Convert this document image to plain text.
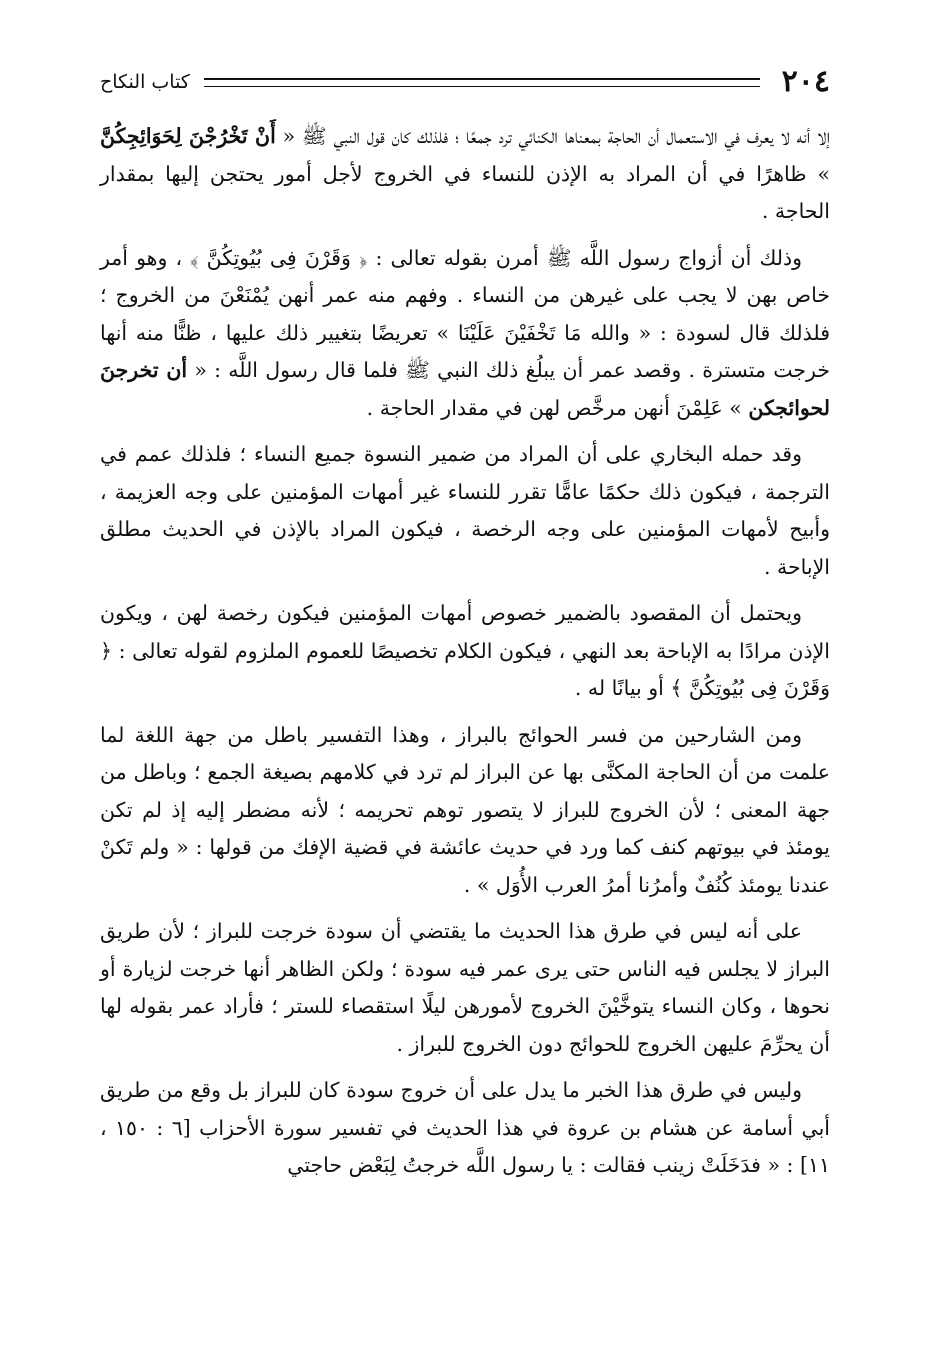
٢٠٤
كتاب النكاح

إلا أنه لا يعرف في الاستعمال أن الحاجة بمعناها الكنائي ترد جمعًا ؛ فلذلك كان قول النبي ﷺ « أَنْ تَخْرُجْنَ لِحَوَائِجِكُنَّ » ظاهرًا في أن المراد به الإذن للنساء في الخروج لأجل أمور يحتجن إليها بمقدار الحاجة .

وذلك أن أزواج رسول اللَّه ﷺ أمرن بقوله تعالى : ﴿ وَقَرْنَ فِى بُيُوتِكُنَّ ﴾ ، وهو أمر خاص بهن لا يجب على غيرهن من النساء . وفهم منه عمر أنهن يُمْنَعْنَ من الخروج ؛ فلذلك قال لسودة : « والله مَا تَخْفَيْنَ عَلَيْنَا » تعريضًا بتغيير ذلك عليها ، ظنًّا منه أنها خرجت متسترة . وقصد عمر أن يبلُغ ذلك النبي ﷺ فلما قال رسول اللَّه : « أن تخرجنَ لحوائجكن » عَلِمْنَ أنهن مرخَّص لهن في مقدار الحاجة .

وقد حمله البخاري على أن المراد من ضمير النسوة جميع النساء ؛ فلذلك عمم في الترجمة ، فيكون ذلك حكمًا عامًّا تقرر للنساء غير أمهات المؤمنين على وجه العزيمة ، وأبيح لأمهات المؤمنين على وجه الرخصة ، فيكون المراد بالإذن في الحديث مطلق الإباحة .

ويحتمل أن المقصود بالضمير خصوص أمهات المؤمنين فيكون رخصة لهن ، ويكون الإذن مرادًا به الإباحة بعد النهي ، فيكون الكلام تخصيصًا للعموم الملزوم لقوله تعالى : ﴿ وَقَرْنَ فِى بُيُوتِكُنَّ ﴾ أو بيانًا له .

ومن الشارحين من فسر الحوائج بالبراز ، وهذا التفسير باطل من جهة اللغة لما علمت من أن الحاجة المكنَّى بها عن البراز لم ترد في كلامهم بصيغة الجمع ؛ وباطل من جهة المعنى ؛ لأن الخروج للبراز لا يتصور توهم تحريمه ؛ لأنه مضطر إليه إذ لم تكن يومئذ في بيوتهم كنف كما ورد في حديث عائشة في قضية الإفك من قولها : « ولم تَكنْ عندنا يومئذ كُنُفٌ وأمرُنا أمرُ العرب الأُوَل » .

على أنه ليس في طرق هذا الحديث ما يقتضي أن سودة خرجت للبراز ؛ لأن طريق البراز لا يجلس فيه الناس حتى يرى عمر فيه سودة ؛ ولكن الظاهر أنها خرجت لزيارة أو نحوها ، وكان النساء يتوخَّيْنَ الخروج لأمورهن ليلًا استقصاء للستر ؛ فأراد عمر بقوله لها أن يحرِّمَ عليهن الخروج للحوائج دون الخروج للبراز .

وليس في طرق هذا الخبر ما يدل على أن خروج سودة كان للبراز بل وقع من طريق أبي أسامة عن هشام بن عروة في هذا الحديث في تفسير سورة الأحزاب [٦ : ١٥٠ ، ١١] : « فدَخَلَتْ زينب فقالت : يا رسول اللَّه خرجتُ لِبَعْض حاجتي
